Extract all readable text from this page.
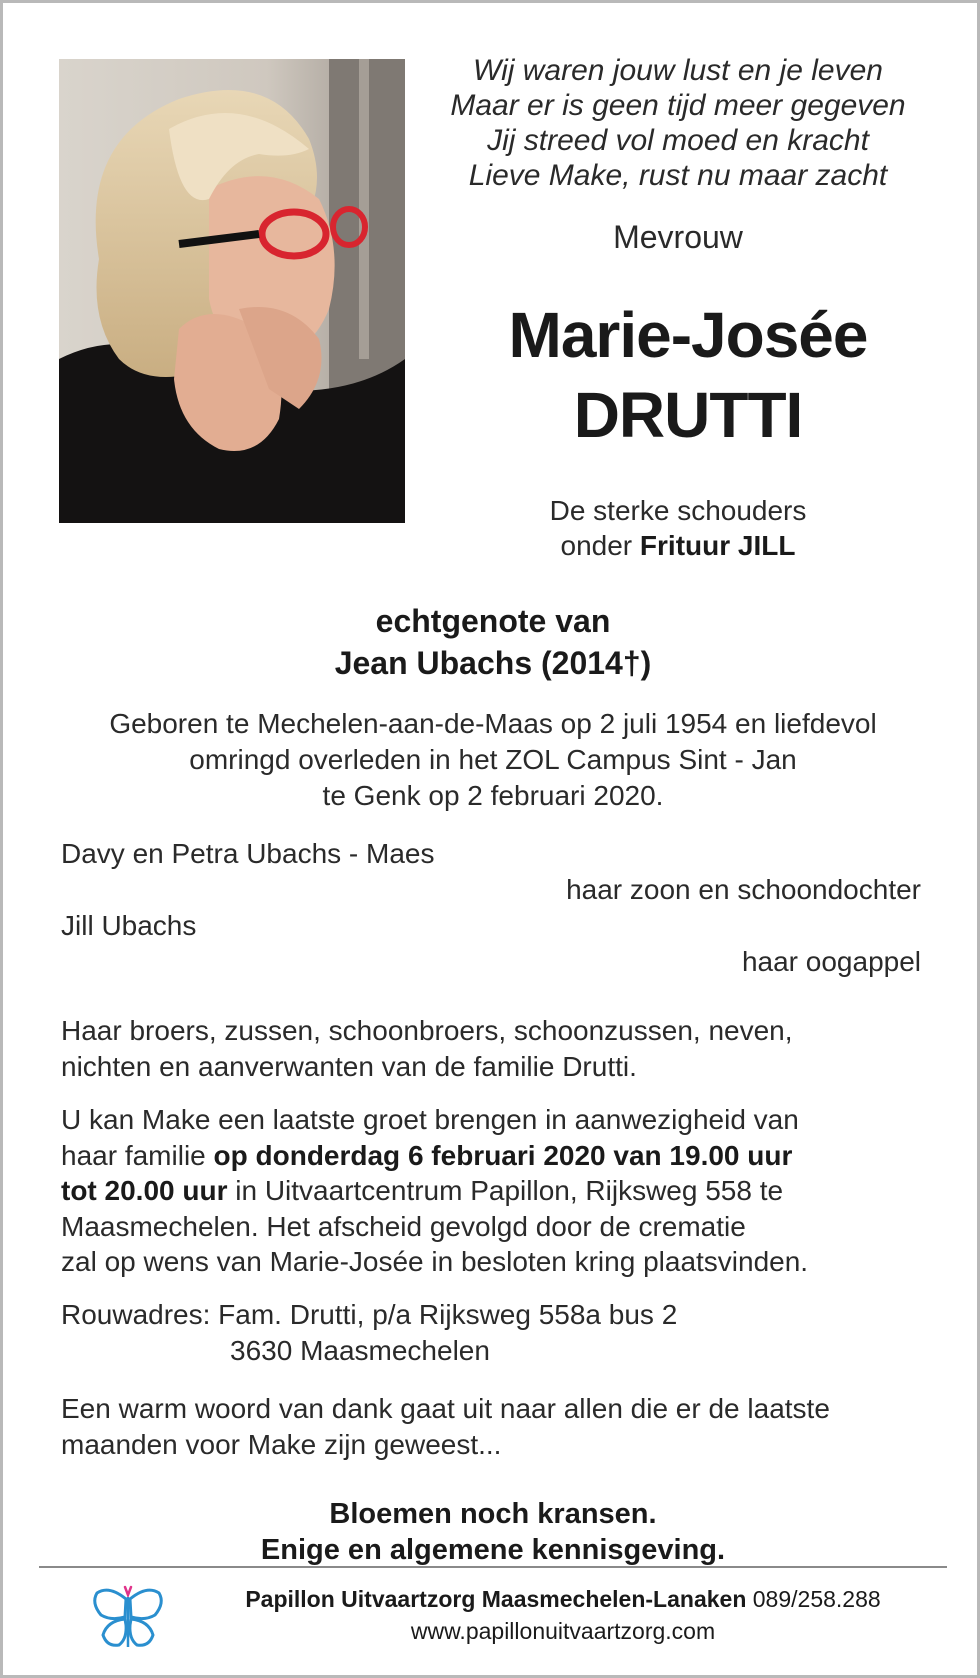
Wij waren jouw lust en je leven
Maar er is geen tijd meer gegeven
Jij streed vol moed en kracht
Lieve Make, rust nu maar zacht
Mevrouw
Marie-Josée
DRUTTI
De sterke schouders
onder Frituur JILL
echtgenote van
Jean Ubachs (2014†)
Geboren te Mechelen-aan-de-Maas op 2 juli 1954 en liefdevol
omringd overleden in het ZOL Campus Sint - Jan
te Genk op 2 februari 2020.
Davy en Petra Ubachs - Maes
haar zoon en schoondochter
Jill Ubachs
haar oogappel
Haar broers, zussen, schoonbroers, schoonzussen, neven,
nichten en aanverwanten van de familie Drutti.
U kan Make een laatste groet brengen in aanwezigheid van
haar familie op donderdag 6 februari 2020 van 19.00 uur
tot 20.00 uur in Uitvaartcentrum Papillon, Rijksweg 558 te
Maasmechelen. Het afscheid gevolgd door de crematie
zal op wens van Marie-Josée in besloten kring plaatsvinden.
Rouwadres: Fam. Drutti, p/a Rijksweg 558a bus 2
3630 Maasmechelen
Een warm woord van dank gaat uit naar allen die er de laatste
maanden voor Make zijn geweest...
Bloemen noch kransen.
Enige en algemene kennisgeving.
Papillon Uitvaartzorg Maasmechelen-Lanaken 089/258.288
www.papillonuitvaartzorg.com
